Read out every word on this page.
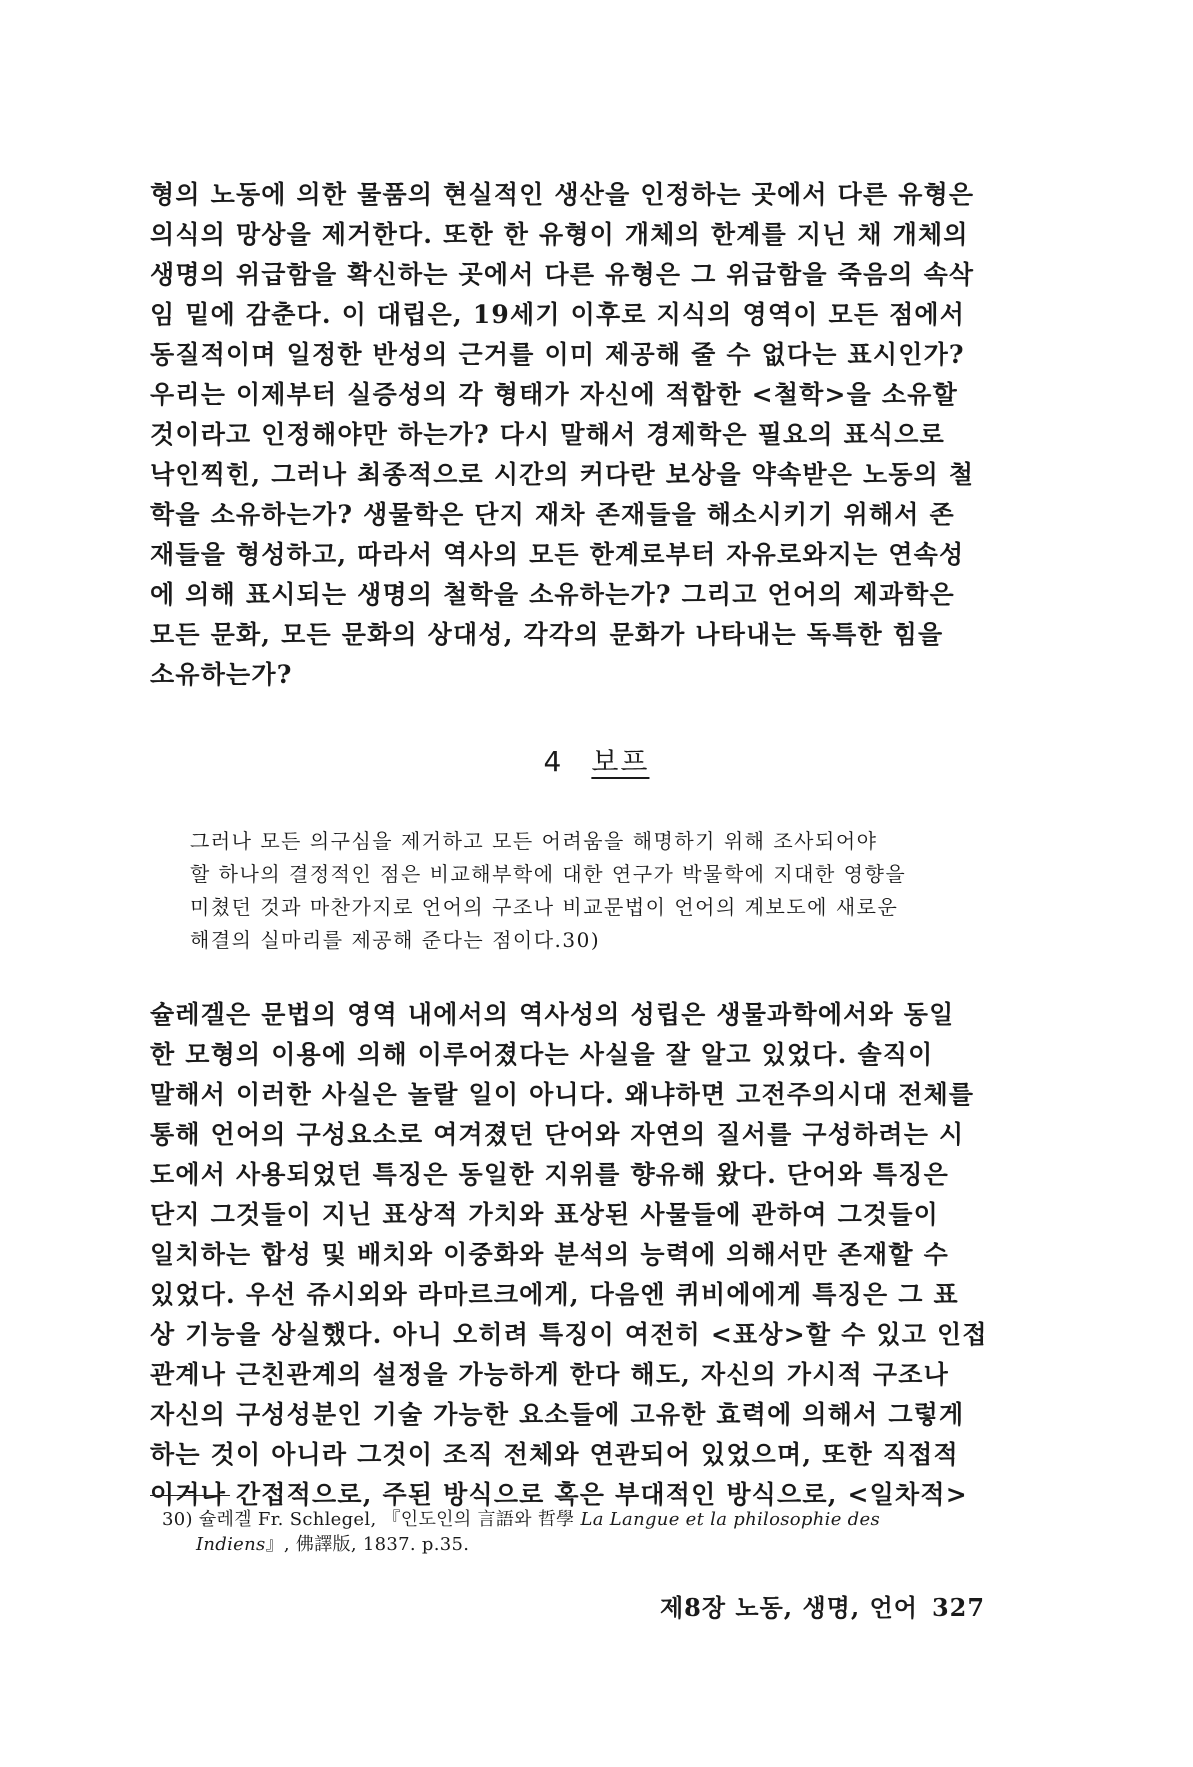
형의 노동에 의한 물품의 현실적인 생산을 인정하는 곳에서 다른 유형은
의식의 망상을 제거한다. 또한 한 유형이 개체의 한계를 지닌 채 개체의
생명의 위급함을 확신하는 곳에서 다른 유형은 그 위급함을 죽음의 속삭
임 밑에 감춘다. 이 대립은, 19세기 이후로 지식의 영역이 모든 점에서
동질적이며 일정한 반성의 근거를 이미 제공해 줄 수 없다는 표시인가?
우리는 이제부터 실증성의 각 형태가 자신에 적합한 <철학>을 소유할
것이라고 인정해야만 하는가? 다시 말해서 경제학은 필요의 표식으로
낙인찍힌, 그러나 최종적으로 시간의 커다란 보상을 약속받은 노동의 철
학을 소유하는가? 생물학은 단지 재차 존재들을 해소시키기 위해서 존
재들을 형성하고, 따라서 역사의 모든 한계로부터 자유로와지는 연속성
에 의해 표시되는 생명의 철학을 소유하는가? 그리고 언어의 제과학은
모든 문화, 모든 문화의 상대성, 각각의 문화가 나타내는 독특한 힘을
소유하는가?
4 보프
그러나 모든 의구심을 제거하고 모든 어려움을 해명하기 위해 조사되어야
할 하나의 결정적인 점은 비교해부학에 대한 연구가 박물학에 지대한 영향을
미쳤던 것과 마찬가지로 언어의 구조나 비교문법이 언어의 계보도에 새로운
해결의 실마리를 제공해 준다는 점이다.30)
슐레겔은 문법의 영역 내에서의 역사성의 성립은 생물과학에서와 동일
한 모형의 이용에 의해 이루어졌다는 사실을 잘 알고 있었다. 솔직이
말해서 이러한 사실은 놀랄 일이 아니다. 왜냐하면 고전주의시대 전체를
통해 언어의 구성요소로 여겨졌던 단어와 자연의 질서를 구성하려는 시
도에서 사용되었던 특징은 동일한 지위를 향유해 왔다. 단어와 특징은
단지 그것들이 지닌 표상적 가치와 표상된 사물들에 관하여 그것들이
일치하는 합성 및 배치와 이중화와 분석의 능력에 의해서만 존재할 수
있었다. 우선 쥬시외와 라마르크에게, 다음엔 퀴비에에게 특징은 그 표
상 기능을 상실했다. 아니 오히려 특징이 여전히 <표상>할 수 있고 인접
관계나 근친관계의 설정을 가능하게 한다 해도, 자신의 가시적 구조나
자신의 구성성분인 기술 가능한 요소들에 고유한 효력에 의해서 그렇게
하는 것이 아니라 그것이 조직 전체와 연관되어 있었으며, 또한 직접적
이거나 간접적으로, 주된 방식으로 혹은 부대적인 방식으로, <일차적>
30) 슐레겔 Fr. Schlegel, 『인도인의 言語와 哲學 La Langue et la philosophie des
Indiens』, 佛譯版, 1837. p.35.
제8장 노동, 생명, 언어 327
